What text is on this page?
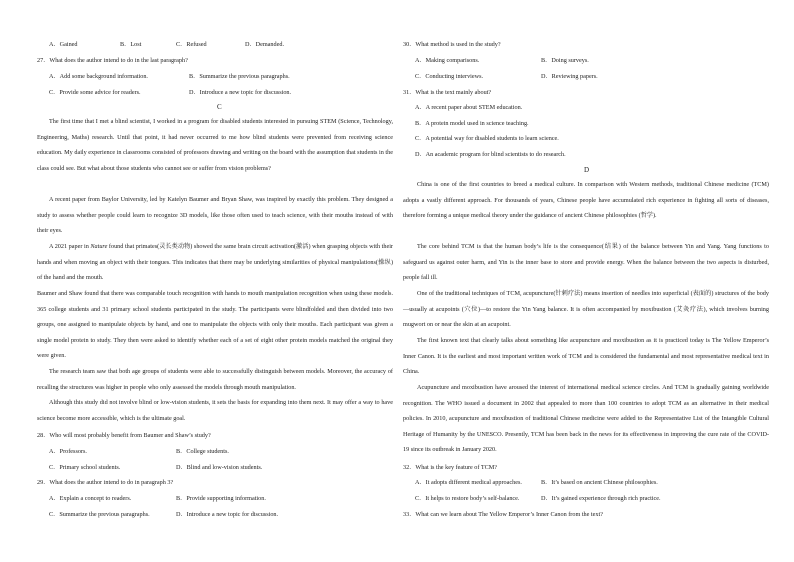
A．Gained	B．Lost	C．Refused	D．Demanded.
27．What does the author intend to do in the last paragraph?
A．Add some background information.	B．Summarize the previous paragraphs.
C．Provide some advice for readers.	D．Introduce a new topic for discussion.
C
The first time that I met a blind scientist, I worked in a program for disabled students interested in pursuing STEM (Science, Technology, Engineering, Maths) research. Until that point, it had never occurred to me how blind students were prevented from receiving science education. My daily experience in classrooms consisted of professors drawing and writing on the board with the assumption that students in the class could see. But what about those students who cannot see or suffer from vision problems?
A recent paper from Baylor University, led by Katelyn Baumer and Bryan Shaw, was inspired by exactly this problem. They designed a study to assess whether people could learn to recognize 3D models, like those often used to teach science, with their mouths instead of with their eyes.
A 2021 paper in Nature found that primates(灵长类动物) showed the same brain circuit activation(激活) when grasping objects with their hands and when moving an object with their tongues. This indicates that there may be underlying similarities of physical manipulations(操纵) of the hand and the mouth.
Baumer and Shaw found that there was comparable touch recognition with hands to mouth manipulation recognition when using these models. 365 college students and 31 primary school students participated in the study. The participants were blindfolded and then divided into two groups, one assigned to manipulate objects by hand, and one to manipulate the objects with only their mouths. Each participant was given a single model protein to study. They then were asked to identify whether each of a set of eight other protein models matched the original they were given.
The research team saw that both age groups of students were able to successfully distinguish between models. Moreover, the accuracy of recalling the structures was higher in people who only assessed the models through mouth manipulation.
Although this study did not involve blind or low-vision students, it sets the basis for expanding into them next. It may offer a way to have science become more accessible, which is the ultimate goal.
28．Who will most probably benefit from Baumer and Shaw’s study?
A．Professors.	B．College students.
C．Primary school students.	D．Blind and low-vision students.
29．What does the author intend to do in paragraph 3?
A．Explain a concept to readers.	B．Provide supporting information.
C．Summarize the previous paragraphs.	D．Introduce a new topic for discussion.
30．What method is used in the study?
A．Making comparisons.	B．Doing surveys.
C．Conducting interviews.	D．Reviewing papers.
31．What is the text mainly about?
A．A recent paper about STEM education.
B．A protein model used in science teaching.
C．A potential way for disabled students to learn science.
D．An academic program for blind scientists to do research.
D
China is one of the first countries to breed a medical culture. In comparison with Western methods, traditional Chinese medicine (TCM) adopts a vastly different approach. For thousands of years, Chinese people have accumulated rich experience in fighting all sorts of diseases, therefore forming a unique medical theory under the guidance of ancient Chinese philosophies (哲学).
The core behind TCM is that the human body’s life is the consequence(结果) of the balance between Yin and Yang. Yang functions to safeguard us against outer harm, and Yin is the inner base to store and provide energy. When the balance between the two aspects is disturbed, people fall ill.
One of the traditional techniques of TCM, acupuncture(针刺疗法) means insertion of needles into superficial (表面的) structures of the body—usually at acupoints (穴位)—to restore the Yin Yang balance. It is often accompanied by moxibustion (艾灸疗法), which involves burning mugwort on or near the skin at an acupoint.
The first known text that clearly talks about something like acupuncture and moxibustion as it is practiced today is The Yellow Emperor’s Inner Canon. It is the earliest and most important written work of TCM and is considered the fundamental and most representative medical text in China.
Acupuncture and moxibustion have aroused the interest of international medical science circles. And TCM is gradually gaining worldwide recognition. The WHO issued a document in 2002 that appealed to more than 100 countries to adopt TCM as an alternative in their medical policies. In 2010, acupuncture and moxibustion of traditional Chinese medicine were added to the Representative List of the Intangible Cultural Heritage of Humanity by the UNESCO. Presently, TCM has been back in the news for its effectiveness in improving the cure rate of the COVID-19 since its outbreak in January 2020.
32．What is the key feature of TCM?
A．It adopts different medical approaches.	B．It’s based on ancient Chinese philosophies.
C．It helps to restore body’s self-balance.	D．It’s gained experience through rich practice.
33．What can we learn about The Yellow Emperor’s Inner Canon from the text?
